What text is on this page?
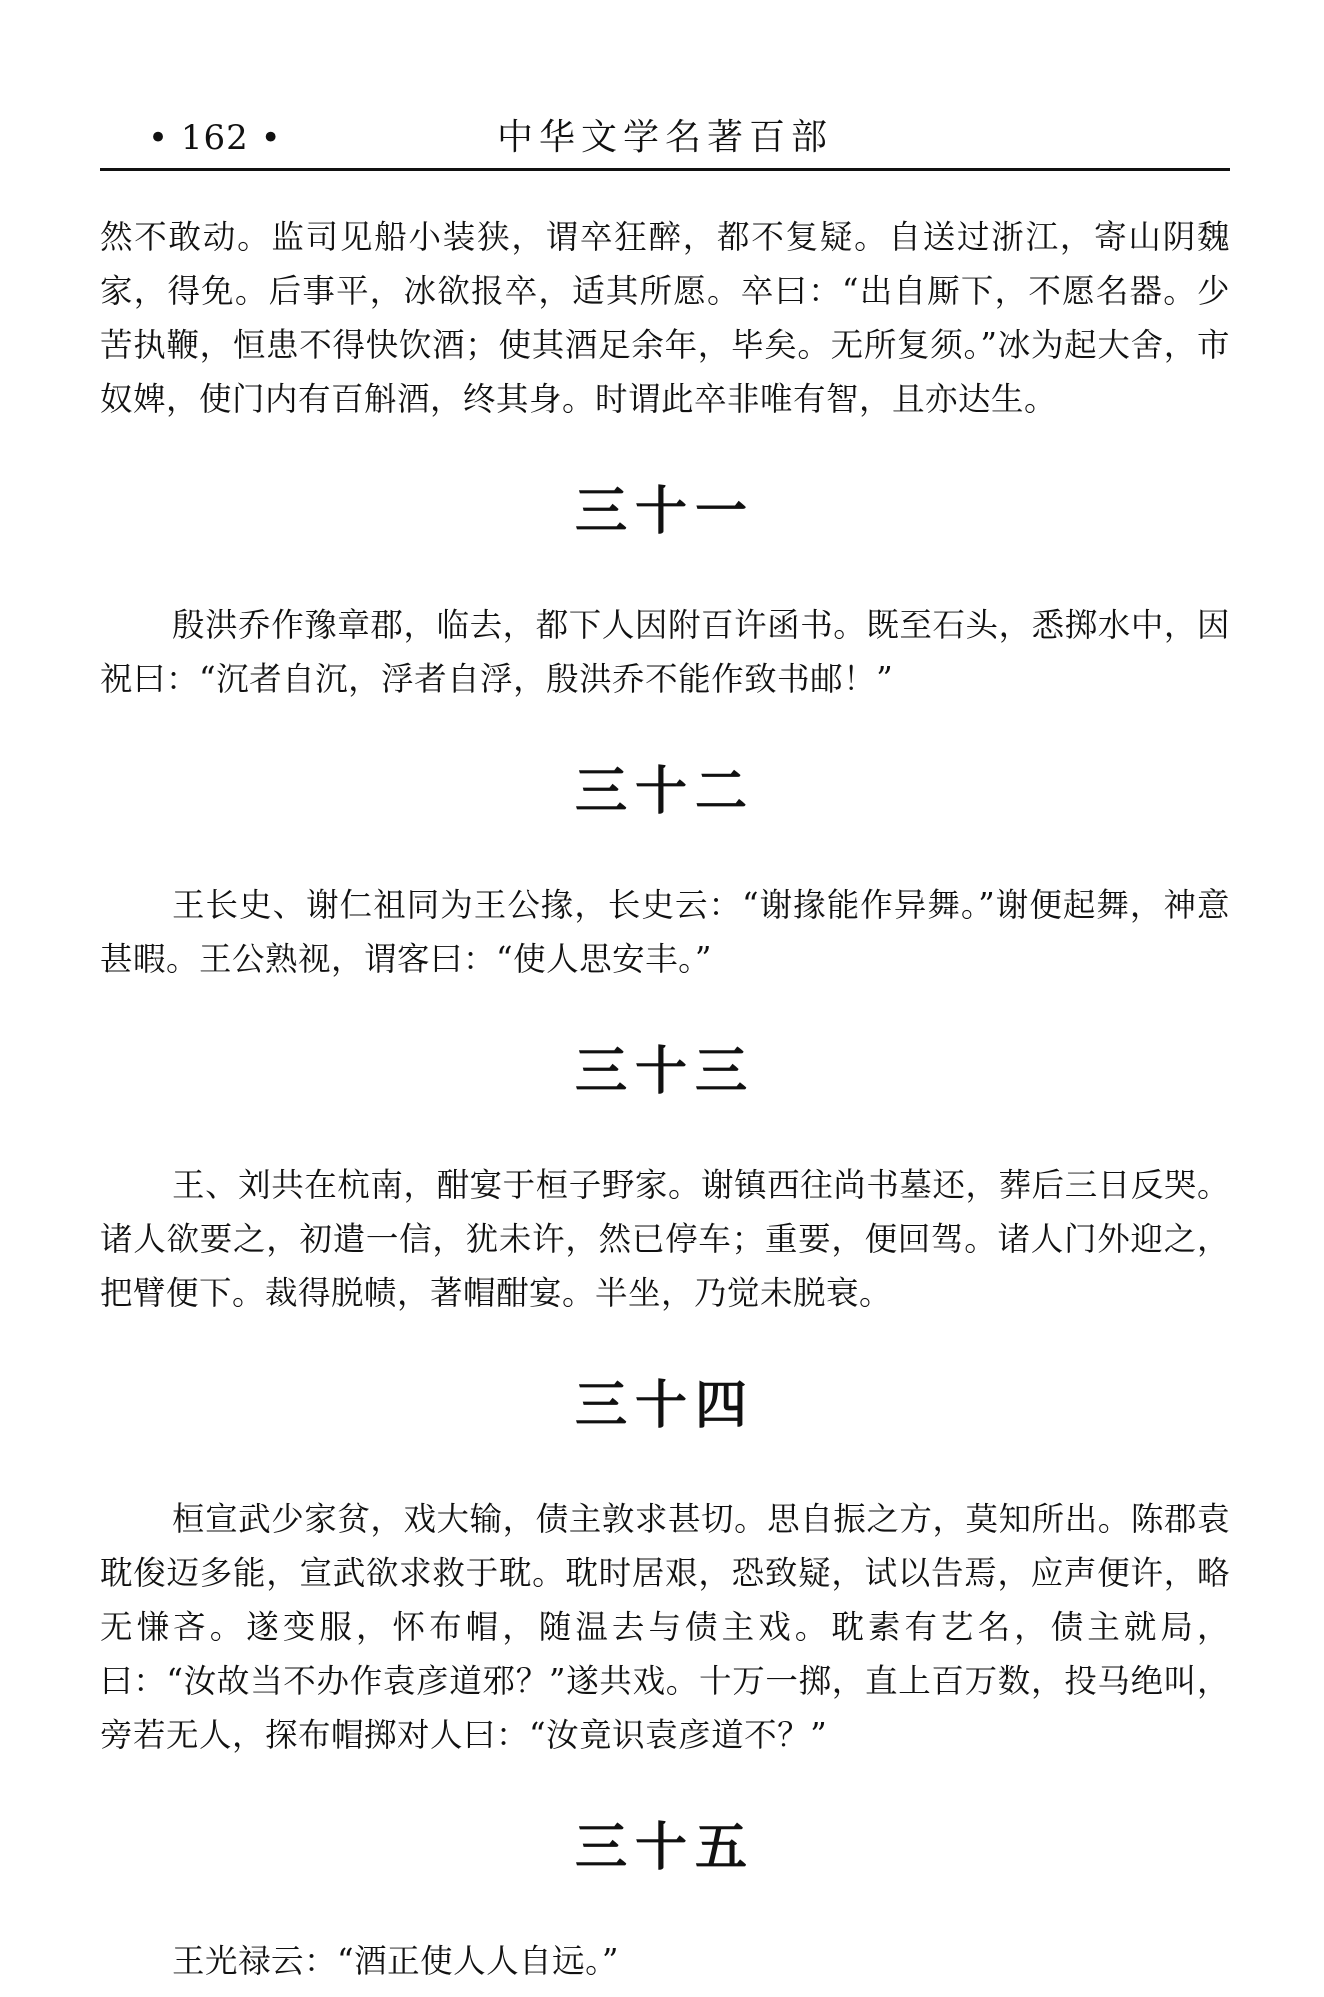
• 162 •	中华文学名著百部

然不敢动。监司见船小装狭，谓卒狂醉，都不复疑。自送过浙江，寄山阴魏家，得免。后事平，冰欲报卒，适其所愿。卒曰：“出自厮下，不愿名器。少苦执鞭，恒患不得快饮酒；使其酒足余年，毕矣。无所复须。”冰为起大舍，市奴婢，使门内有百斛酒，终其身。时谓此卒非唯有智，且亦达生。

三十一

殷洪乔作豫章郡，临去，都下人因附百许函书。既至石头，悉掷水中，因祝曰：“沉者自沉，浮者自浮，殷洪乔不能作致书邮！”

三十二

王长史、谢仁祖同为王公掾，长史云：“谢掾能作异舞。”谢便起舞，神意甚暇。王公熟视，谓客曰：“使人思安丰。”

三十三

王、刘共在杭南，酣宴于桓子野家。谢镇西往尚书墓还，葬后三日反哭。诸人欲要之，初遣一信，犹未许，然已停车；重要，便回驾。诸人门外迎之，把臂便下。裁得脱帻，著帽酣宴。半坐，乃觉未脱衰。

三十四

桓宣武少家贫，戏大输，债主敦求甚切。思自振之方，莫知所出。陈郡袁耽俊迈多能，宣武欲求救于耽。耽时居艰，恐致疑，试以告焉，应声便许，略无慊吝。遂变服，怀布帽，随温去与债主戏。耽素有艺名，债主就局，曰：“汝故当不办作袁彦道邪？”遂共戏。十万一掷，直上百万数，投马绝叫，旁若无人，探布帽掷对人曰：“汝竟识袁彦道不？”

三十五

王光禄云：“酒正使人人自远。”
